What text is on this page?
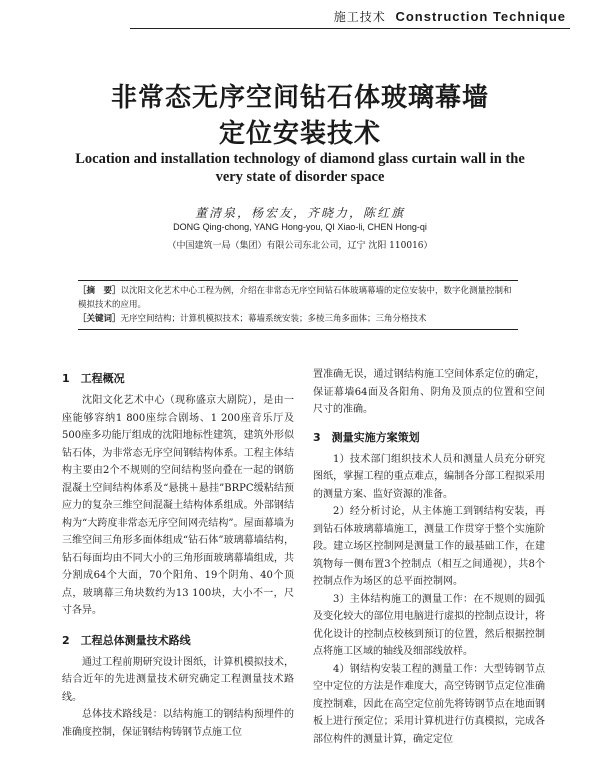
施工技术 Construction Technique
非常态无序空间钻石体玻璃幕墙
定位安装技术
Location and installation technology of diamond glass curtain wall in the very state of disorder space
董清泉，杨宏友，齐晓力，陈红旗
DONG Qing-chong, YANG Hong-you, QI Xiao-li, CHEN Hong-qi
（中国建筑一局（集团）有限公司东北公司，辽宁 沈阳 110016）
［摘　要］以沈阳文化艺术中心工程为例，介绍在非常态无序空间钻石体玻璃幕墙的定位安装中，数字化测量控制和模拟技术的应用。
［关键词］无序空间结构；计算机模拟技术；幕墙系统安装；多棱三角多面体；三角分格技术
1　工程概况

沈阳文化艺术中心（现称盛京大剧院），是由一座能够容纳1 800座综合剧场、1 200座音乐厅及500座多功能厅组成的沈阳地标性建筑，建筑外形似钻石体，为非常态无序空间钢结构体系。工程主体结构主要由2个不规则的空间结构竖向叠在一起的钢筋混凝土空间结构体系及“悬挑＋悬挂”BRPC缓粘结预应力的复杂三维空间混凝土结构体系组成。外部钢结构为“大跨度非常态无序空间网壳结构”。屋面幕墙为三维空间三角形多面体组成“钻石体”玻璃幕墙结构，钻石每面均由不同大小的三角形面玻璃幕墙组成，共分割成64个大面，70个阳角、19个阴角、40个顶点，玻璃幕三角块数约为13 100块，大小不一，尺寸各异。

2　工程总体测量技术路线

通过工程前期研究设计图纸，计算机模拟技术，结合近年的先进测量技术研究确定工程测量技术路线。

总体技术路线是：以结构施工的钢结构预埋件的准确度控制，保证钢结构铸钢节点施工位

置准确无误，通过钢结构施工空间体系定位的确定，保证幕墙64面及各阳角、阴角及顶点的位置和空间尺寸的准确。

3　测量实施方案策划

1）技术部门组织技术人员和测量人员充分研究图纸，掌握工程的重点难点，编制各分部工程拟采用的测量方案、监好资源的准备。

2）经分析讨论，从主体施工到钢结构安装，再到钻石体玻璃幕墙施工，测量工作贯穿于整个实施阶段。建立场区控制网是测量工作的最基础工作，在建筑物每一侧布置3个控制点（相互之间通视），共8个控制点作为场区的总平面控制网。

3）主体结构施工的测量工作：在不规则的圆弧及变化较大的部位用电脑进行虚拟的控制点设计，将优化设计的控制点校核到预订的位置，然后根据控制点将施工区域的轴线及细部线放样。

4）钢结构安装工程的测量工作：大型铸钢节点空中定位的方法是作难度大，高空铸钢节点定位准确度控制难，因此在高空定位前先将铸钢节点在地面钢板上进行预定位；采用计算机进行仿真模拟，完成各部位构件的测量计算，确定定位
